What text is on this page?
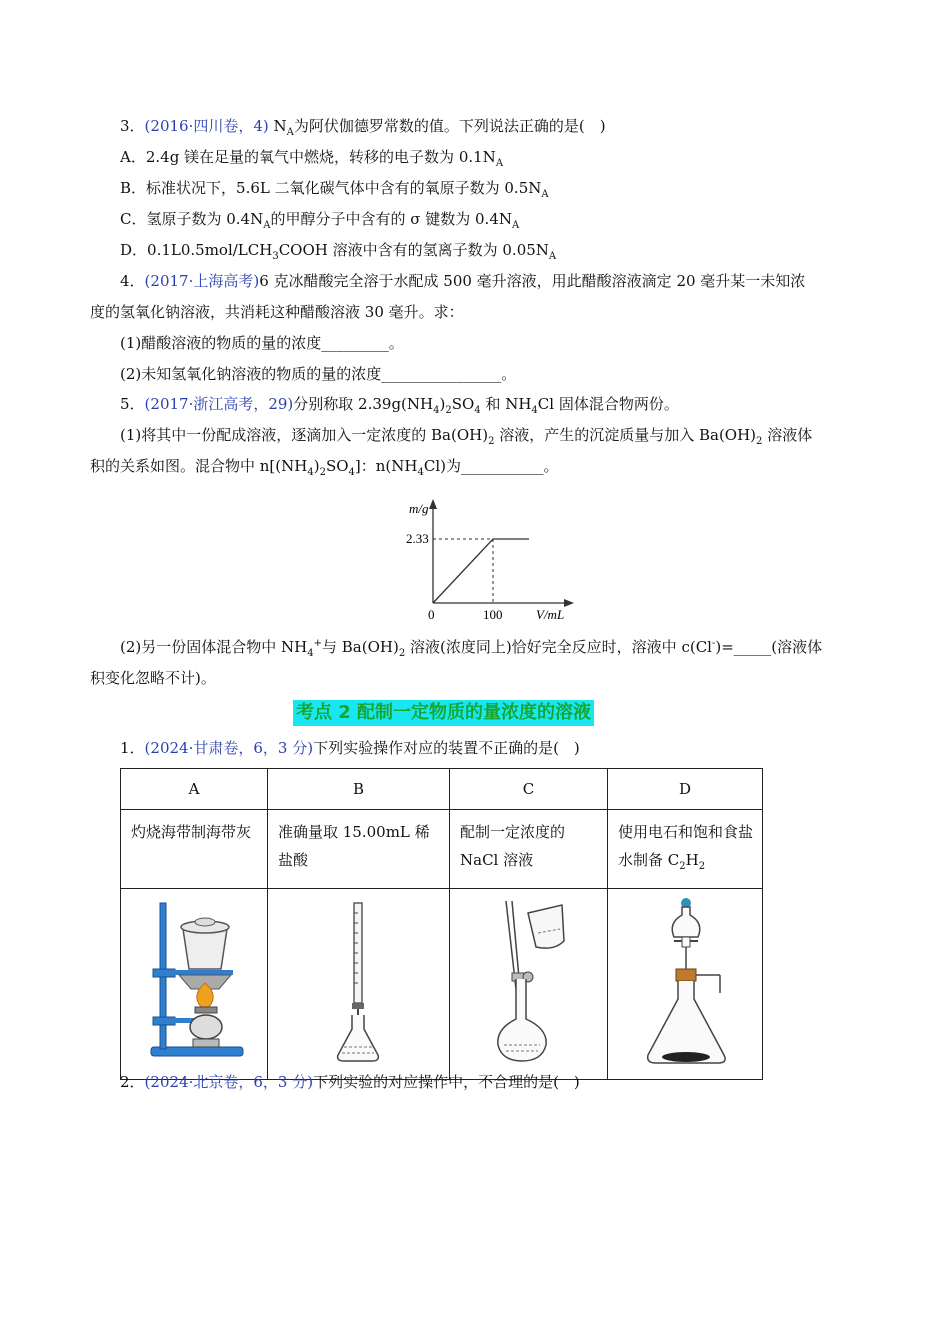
3．(2016·四川卷，4) $N_A$为阿伏伽德罗常数的值。下列说法正确的是(　)
A．2.4g 镁在足量的氧气中燃烧，转移的电子数为 $0.1N_A$
B．标准状况下，5.6L 二氧化碳气体中含有的氧原子数为 $0.5N_A$
C．氢原子数为 $0.4N_A$的甲醇分子中含有的 σ 键数为 $0.4N_A$
D．$0.1L0.5mol/LCH_3COOH$ 溶液中含有的氢离子数为 $0.05N_A$
4．(2017·上海高考)6 克冰醋酸完全溶于水配成 500 毫升溶液，用此醋酸溶液滴定 20 毫升某一未知浓
度的氢氧化钠溶液，共消耗这种醋酸溶液 30 毫升。求：
(1)醋酸溶液的物质的量的浓度_________。
(2)未知氢氧化钠溶液的物质的量的浓度________________。
5．(2017·浙江高考，29)分别称取 $2.39g(NH_4)_2SO_4$ 和 $NH_4Cl$ 固体混合物两份。
(1)将其中一份配成溶液，逐滴加入一定浓度的 $Ba(OH)_2$ 溶液，产生的沉淀质量与加入 $Ba(OH)_2$ 溶液体
积的关系如图。混合物中 $n[(NH_4)_2SO_4]$：$n(NH_4Cl)$为___________。
m/g
V/mL
0	100
2.33
(2)另一份固体混合物中 $NH_4^+$与 $Ba(OH)_2$ 溶液(浓度同上)恰好完全反应时，溶液中 c(Cl-)=_____(溶液体
积变化忽略不计)。
考点 2 配制一定物质的量浓度的溶液
1．(2024·甘肃卷，6，3 分)下列实验操作对应的装置不正确的是(　)
A	B	C	D
灼烧海带制海带灰	准确量取 15.00mL 稀盐酸	配制一定浓度的 NaCl 溶液	使用电石和饱和食盐水制备 $C_2H_2$

2．(2024·北京卷，6，3 分)下列实验的对应操作中，不合理的是(　)
